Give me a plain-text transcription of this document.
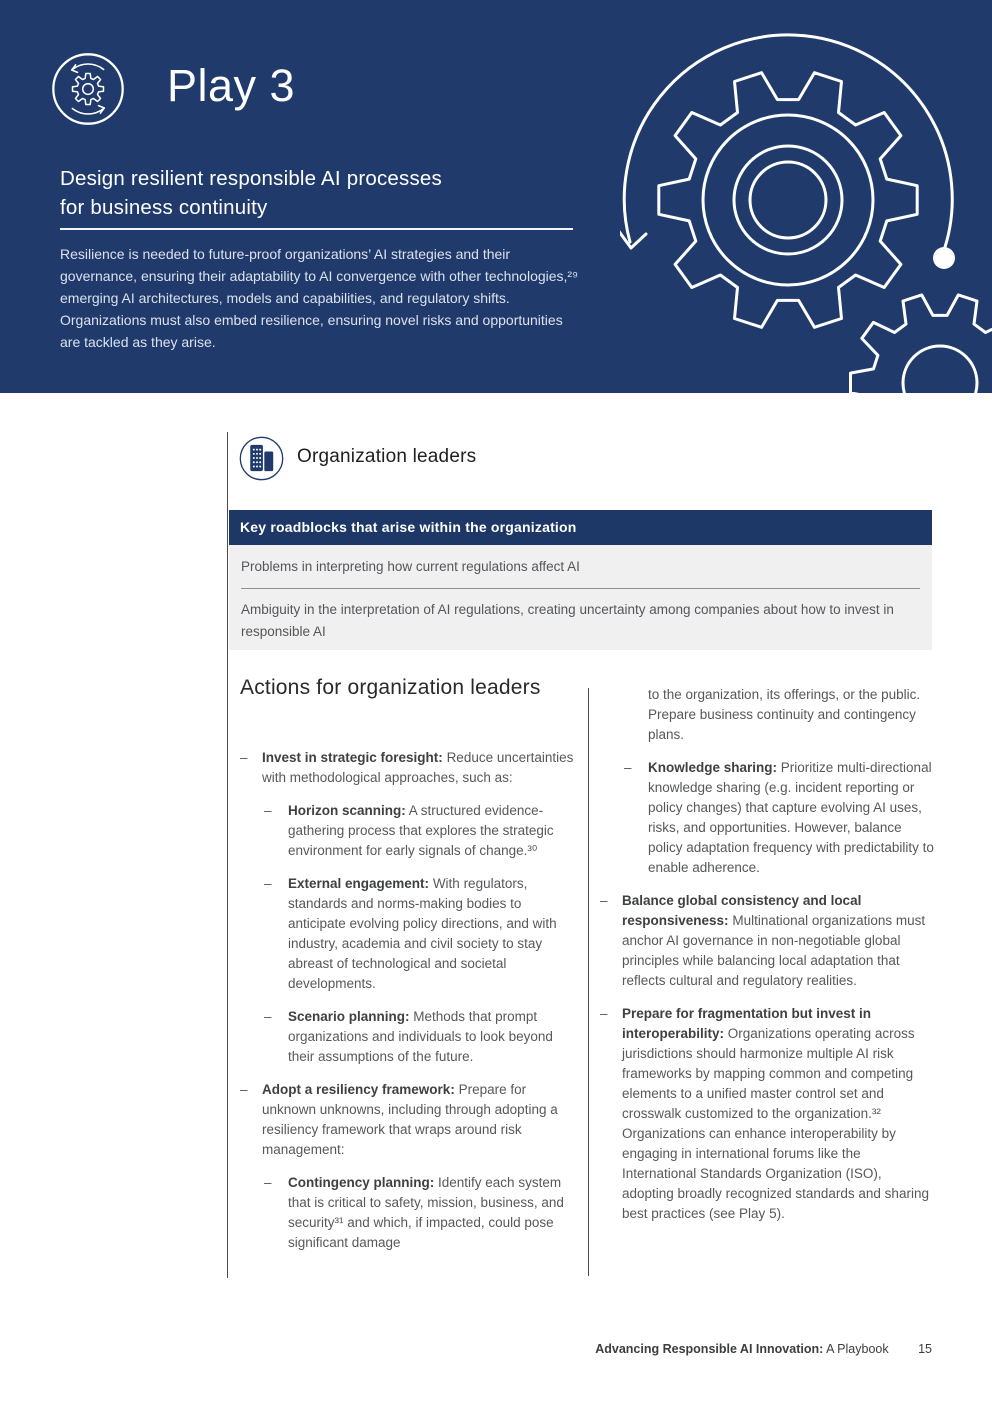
Play 3
Design resilient responsible AI processes
for business continuity

Resilience is needed to future-proof organizations’ AI strategies and their governance, ensuring their adaptability to AI convergence with other technologies,²⁹ emerging AI architectures, models and capabilities, and regulatory shifts. Organizations must also embed resilience, ensuring novel risks and opportunities are tackled as they arise.

Organization leaders
Key roadblocks that arise within the organization
Problems in interpreting how current regulations affect AI
Ambiguity in the interpretation of AI regulations, creating uncertainty among companies about how to invest in responsible AI
Actions for organization leaders
–

Invest in strategic foresight: Reduce uncertainties with methodological approaches, such as:

–

Horizon scanning: A structured evidence-gathering process that explores the strategic environment for early signals of change.³⁰

–

External engagement: With regulators, standards and norms-making bodies to anticipate evolving policy directions, and with industry, academia and civil society to stay abreast of technological and societal developments.

–

Scenario planning: Methods that prompt organizations and individuals to look beyond their assumptions of the future.

–

Adopt a resiliency framework: Prepare for unknown unknowns, including through adopting a resiliency framework that wraps around risk management:

–

Contingency planning: Identify each system that is critical to safety, mission, business, and security³¹ and which, if impacted, could pose significant damage

to the organization, its offerings, or the public. Prepare business continuity and contingency plans.

–

Knowledge sharing: Prioritize multi-directional knowledge sharing (e.g. incident reporting or policy changes) that capture evolving AI uses, risks, and opportunities. However, balance policy adaptation frequency with predictability to enable adherence.

–

Balance global consistency and local responsiveness: Multinational organizations must anchor AI governance in non-negotiable global principles while balancing local adaptation that reflects cultural and regulatory realities.

–

Prepare for fragmentation but invest in interoperability: Organizations operating across jurisdictions should harmonize multiple AI risk frameworks by mapping common and competing elements to a unified master control set and crosswalk customized to the organization.³² Organizations can enhance interoperability by engaging in international forums like the International Standards Organization (ISO), adopting broadly recognized standards and sharing best practices (see Play 5).

Advancing Responsible AI Innovation: A Playbook 15
